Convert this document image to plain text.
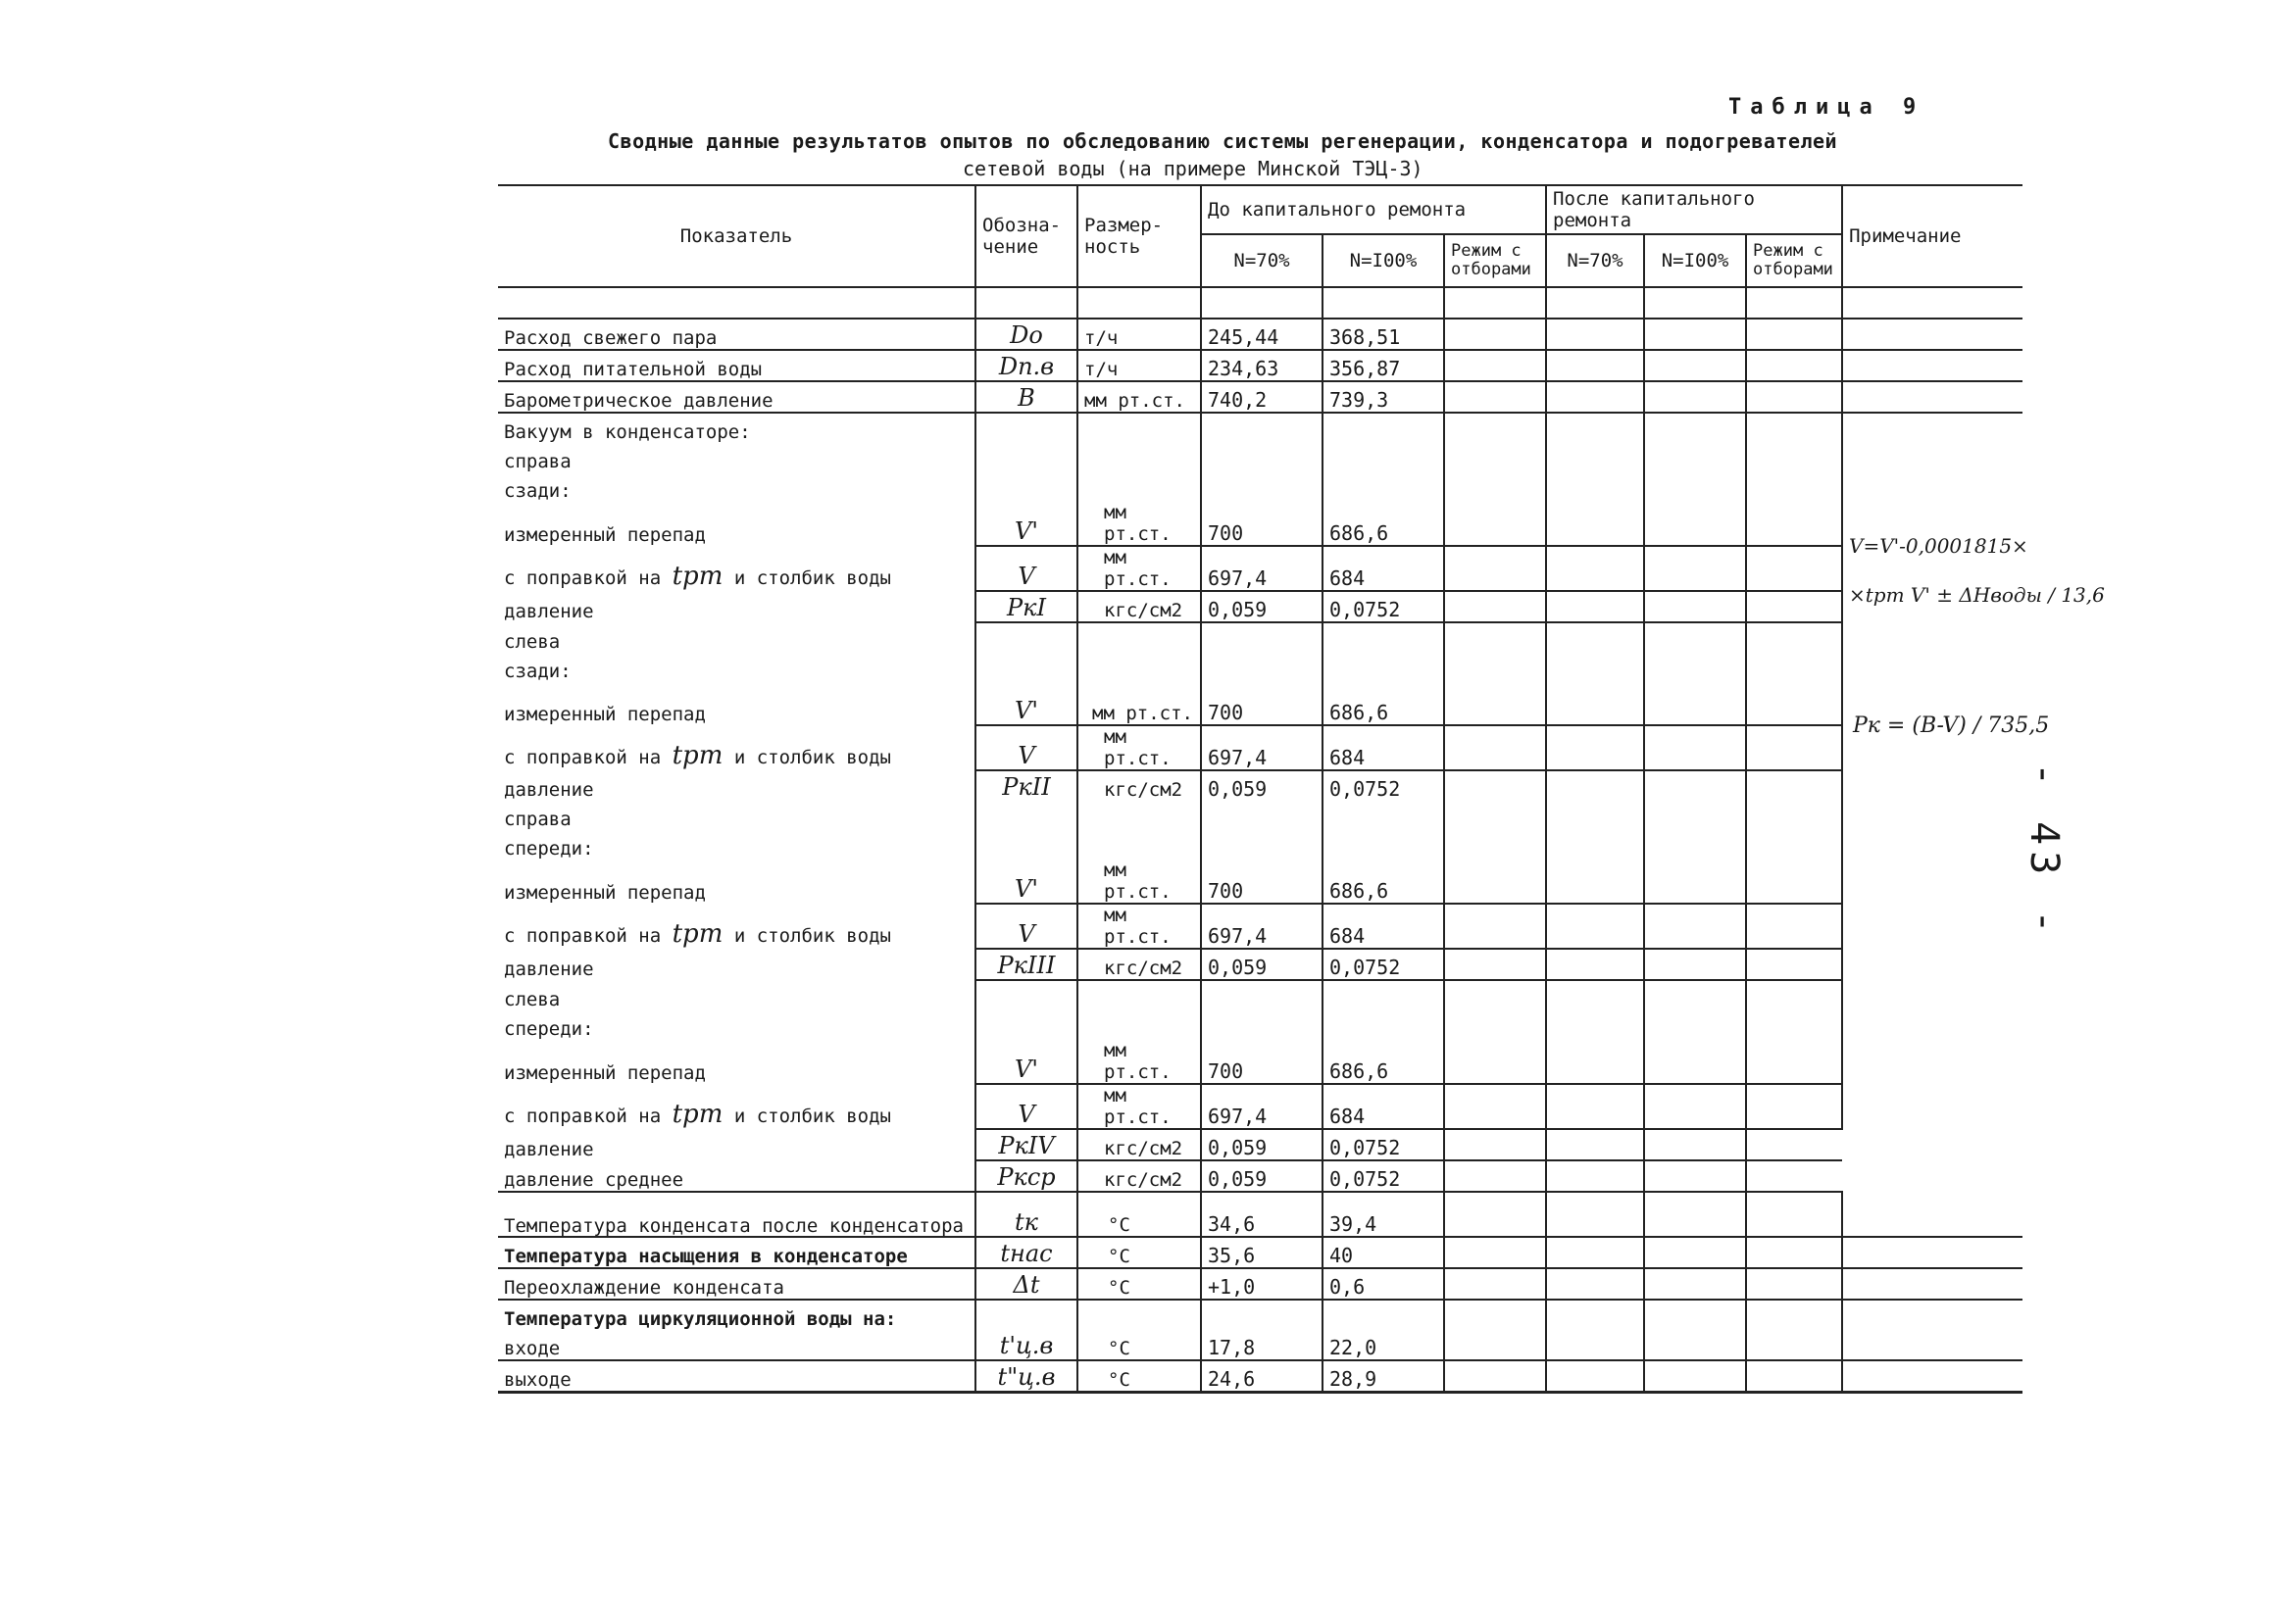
Таблица 9
Сводные данные результатов опытов по обследованию системы регенерации, конденсатора и подогревателей
сетевой воды (на примере Минской ТЭЦ-3)
- 43 -
Показатель	Обозна-чение	Размер-ность	До капитального ремонта			После капитального ремонта			Примечание
			N=70%	N=I00%	Режим с отборами	N=70%	N=I00%	Режим с отборами	

Расход свежего пара	Dо	т/ч	245,44	368,51					
Расход питательной воды	Dп.в	т/ч	234,63	356,87					
Барометрическое давление	B	мм рт.ст.	740,2	739,3					
Вакуум в конденсаторе:									
справа									
сзади:									
измеренный перепад	V'	мм рт.ст.	700	686,6					
с поправкой на tрт и столбик воды	V	мм рт.ст.	697,4	684					
давление	PкI	кгс/см2	0,059	0,0752					
слева									
сзади:									
измеренный перепад	V'	мм рт.ст.	700	686,6					
с поправкой на tрт и столбик воды	V	мм рт.ст.	697,4	684					
давление	PкII	кгс/см2	0,059	0,0752					
справа									
спереди:									
измеренный перепад	V'	мм рт.ст.	700	686,6					
с поправкой на tрт и столбик воды	V	мм рт.ст.	697,4	684					
давление	PкIII	кгс/см2	0,059	0,0752					
слева									
спереди:									
измеренный перепад	V'	мм рт.ст.	700	686,6					
с поправкой на tрт и столбик воды	V	мм рт.ст.	697,4	684					
давление	PкIV	кгс/см2	0,059	0,0752					
давление среднее	Pкср	кгс/см2	0,059	0,0752					
Температура конденсата после конденсатора	tк	°C	34,6	39,4					
Температура насыщения в конденсаторе	tнас	°C	35,6	40					
Переохлаждение конденсата	Δt	°C	+1,0	0,6					
Температура циркуляционной воды на:									
входе	t'ц.в	°C	17,8	22,0					
выходе	t"ц.в	°C	24,6	28,9					
V=V'-0,0001815×
×tрт V' ± ΔHводы / 13,6
Pк = (B-V) / 735,5
